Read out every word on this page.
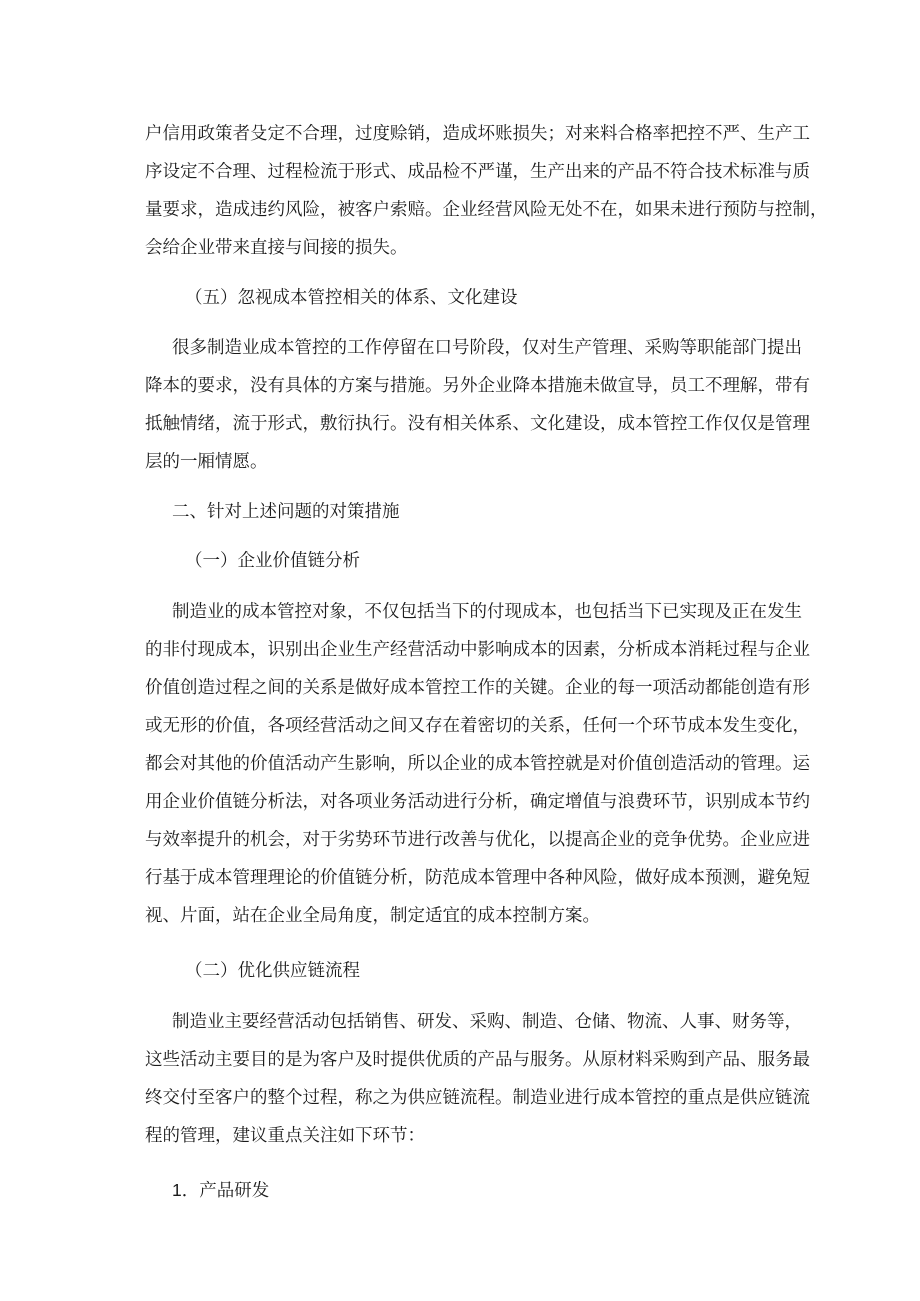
户信用政策者殳定不合理，过度赊销，造成坏账损失；对来料合格率把控不严、生产工
序设定不合理、过程检流于形式、成品检不严谨，生产出来的产品不符合技术标准与质
量要求，造成违约风险，被客户索赔。企业经营风险无处不在，如果未进行预防与控制，
会给企业带来直接与间接的损失。
（五）忽视成本管控相关的体系、文化建设
很多制造业成本管控的工作停留在口号阶段，仅对生产管理、采购等职能部门提出
降本的要求，没有具体的方案与措施。另外企业降本措施未做宣导，员工不理解，带有
抵触情绪，流于形式，敷衍执行。没有相关体系、文化建设，成本管控工作仅仅是管理
层的一厢情愿。
二、针对上述问题的对策措施
（一）企业价值链分析
制造业的成本管控对象，不仅包括当下的付现成本，也包括当下已实现及正在发生
的非付现成本，识别出企业生产经营活动中影响成本的因素，分析成本消耗过程与企业
价值创造过程之间的关系是做好成本管控工作的关键。企业的每一项活动都能创造有形
或无形的价值，各项经营活动之间又存在着密切的关系，任何一个环节成本发生变化，
都会对其他的价值活动产生影响，所以企业的成本管控就是对价值创造活动的管理。运
用企业价值链分析法，对各项业务活动进行分析，确定增值与浪费环节，识别成本节约
与效率提升的机会，对于劣势环节进行改善与优化，以提高企业的竞争优势。企业应进
行基于成本管理理论的价值链分析，防范成本管理中各种风险，做好成本预测，避免短
视、片面，站在企业全局角度，制定适宜的成本控制方案。
（二）优化供应链流程
制造业主要经营活动包括销售、研发、采购、制造、仓储、物流、人事、财务等，
这些活动主要目的是为客户及时提供优质的产品与服务。从原材料采购到产品、服务最
终交付至客户的整个过程，称之为供应链流程。制造业进行成本管控的重点是供应链流
程的管理，建议重点关注如下环节：
1．产品研发
